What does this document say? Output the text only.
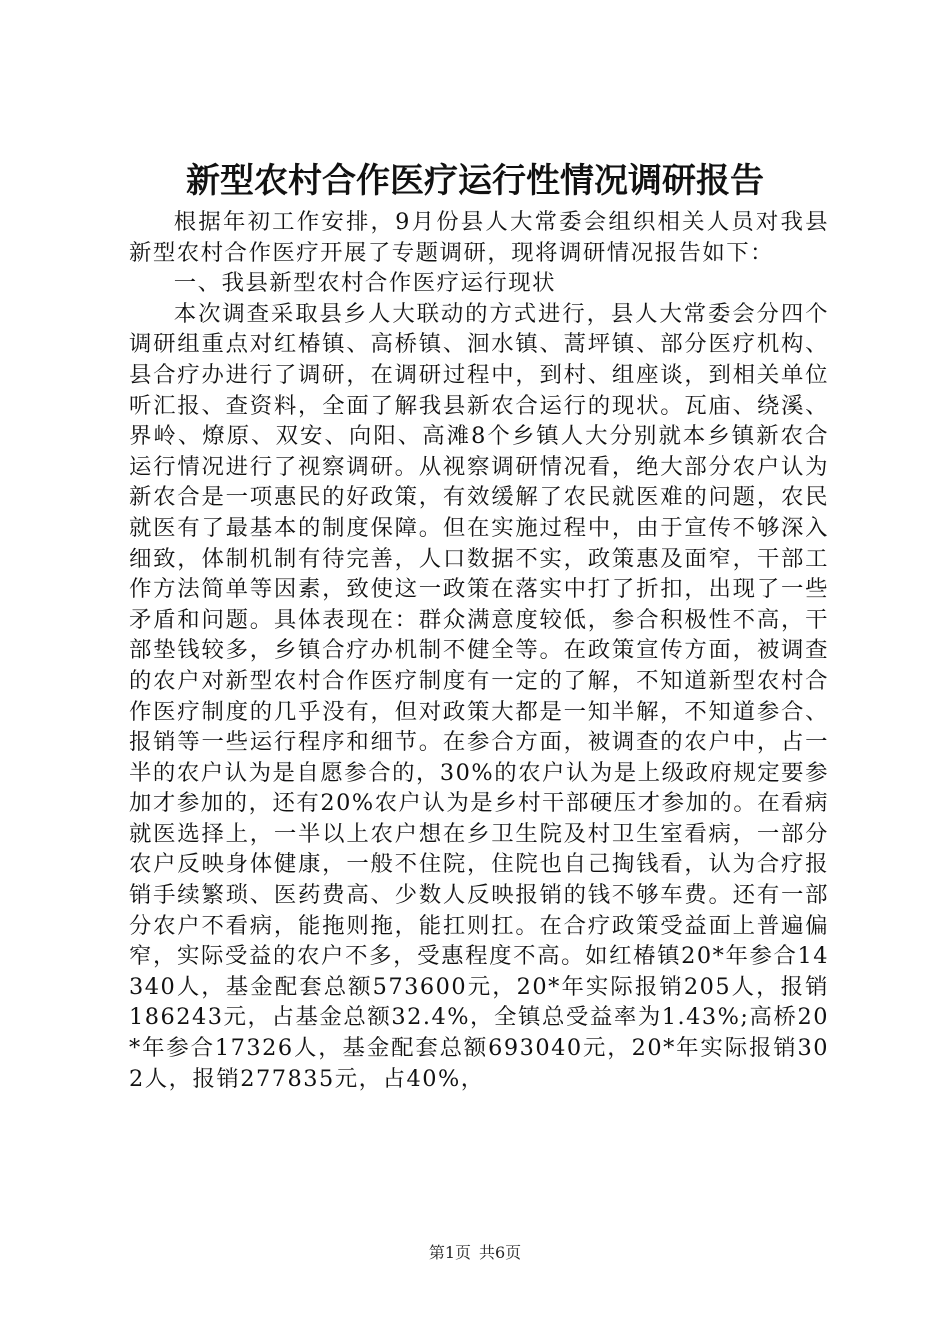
新型农村合作医疗运行性情况调研报告

根据年初工作安排，9月份县人大常委会组织相关人员对我县新型农村合作医疗开展了专题调研，现将调研情况报告如下：

一、我县新型农村合作医疗运行现状

本次调查采取县乡人大联动的方式进行，县人大常委会分四个调研组重点对红椿镇、高桥镇、洄水镇、蒿坪镇、部分医疗机构、县合疗办进行了调研，在调研过程中，到村、组座谈，到相关单位听汇报、查资料，全面了解我县新农合运行的现状。瓦庙、绕溪、界岭、燎原、双安、向阳、高滩8个乡镇人大分别就本乡镇新农合运行情况进行了视察调研。从视察调研情况看，绝大部分农户认为新农合是一项惠民的好政策，有效缓解了农民就医难的问题，农民就医有了最基本的制度保障。但在实施过程中，由于宣传不够深入细致，体制机制有待完善，人口数据不实，政策惠及面窄，干部工作方法简单等因素，致使这一政策在落实中打了折扣，出现了一些矛盾和问题。具体表现在：群众满意度较低，参合积极性不高，干部垫钱较多，乡镇合疗办机制不健全等。在政策宣传方面，被调查的农户对新型农村合作医疗制度有一定的了解，不知道新型农村合作医疗制度的几乎没有，但对政策大都是一知半解，不知道参合、报销等一些运行程序和细节。在参合方面，被调查的农户中，占一半的农户认为是自愿参合的，30%的农户认为是上级政府规定要参加才参加的，还有20%农户认为是乡村干部硬压才参加的。在看病就医选择上，一半以上农户想在乡卫生院及村卫生室看病，一部分农户反映身体健康，一般不住院，住院也自己掏钱看，认为合疗报销手续繁琐、医药费高、少数人反映报销的钱不够车费。还有一部分农户不看病，能拖则拖，能扛则扛。在合疗政策受益面上普遍偏窄，实际受益的农户不多，受惠程度不高。如红椿镇20*年参合14340人，基金配套总额573600元，20*年实际报销205人，报销186243元，占基金总额32.4%，全镇总受益率为1.43%;高桥20*年参合17326人，基金配套总额693040元，20*年实际报销302人，报销277835元，占40%，

第1页 共6页
